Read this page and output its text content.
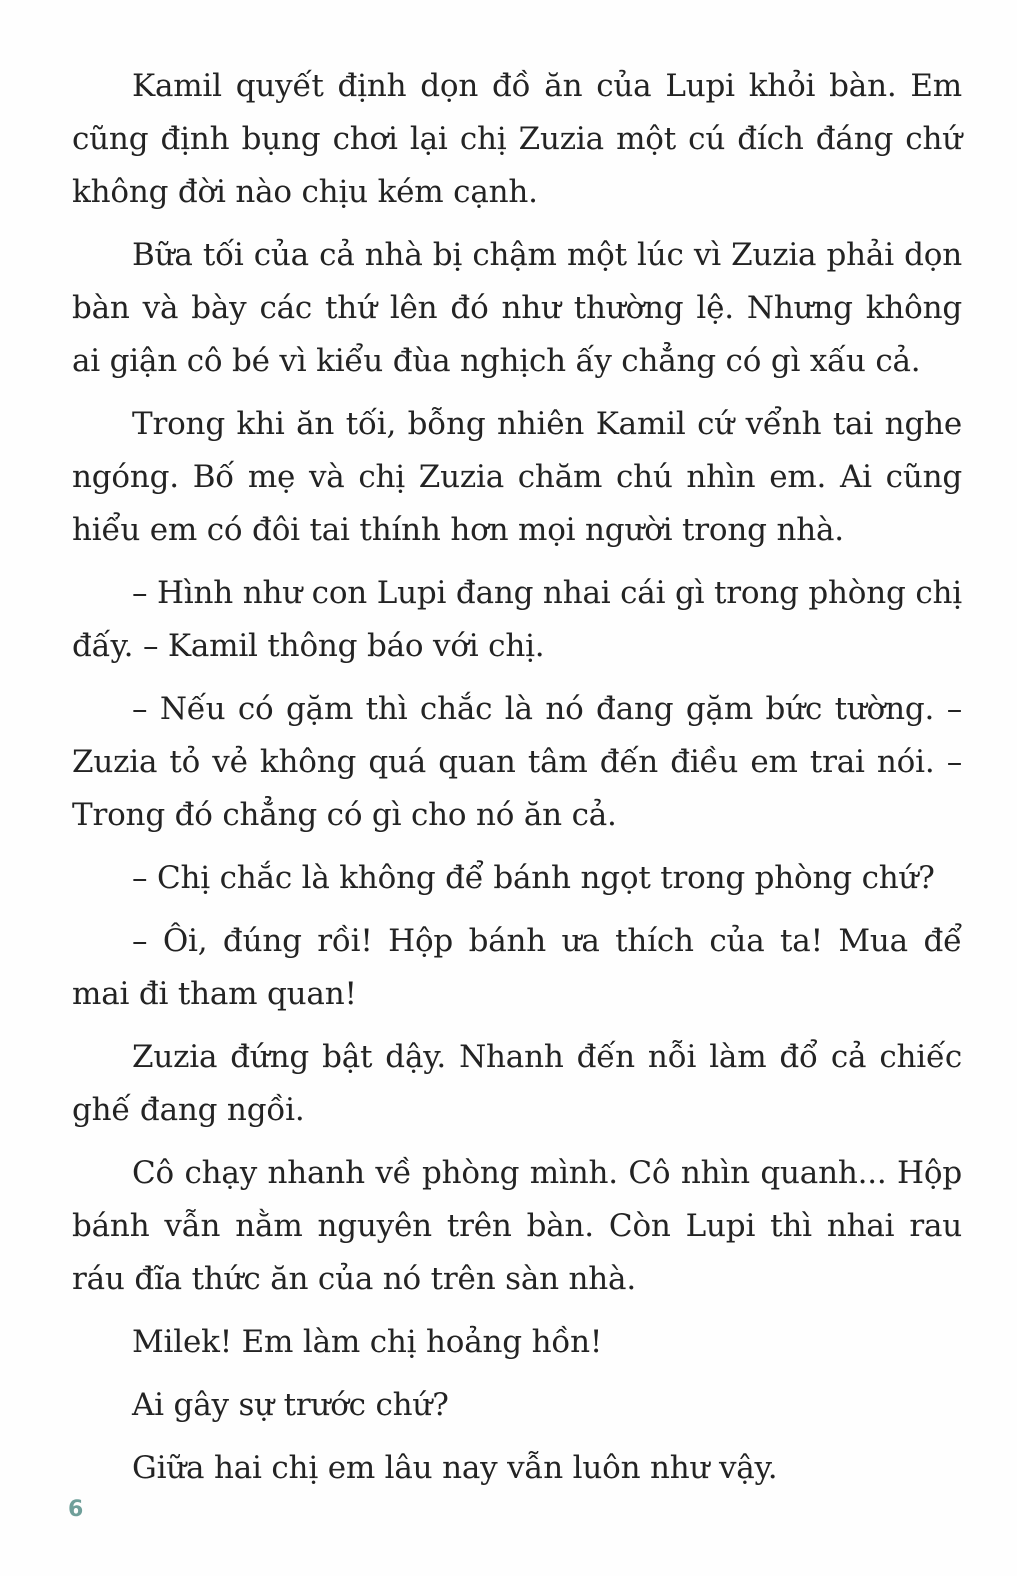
Kamil quyết định dọn đồ ăn của Lupi khỏi bàn. Em cũng định bụng chơi lại chị Zuzia một cú đích đáng chứ không đời nào chịu kém cạnh.

Bữa tối của cả nhà bị chậm một lúc vì Zuzia phải dọn bàn và bày các thứ lên đó như thường lệ. Nhưng không ai giận cô bé vì kiểu đùa nghịch ấy chẳng có gì xấu cả.

Trong khi ăn tối, bỗng nhiên Kamil cứ vểnh tai nghe ngóng. Bố mẹ và chị Zuzia chăm chú nhìn em. Ai cũng hiểu em có đôi tai thính hơn mọi người trong nhà.

– Hình như con Lupi đang nhai cái gì trong phòng chị đấy. – Kamil thông báo với chị.

– Nếu có gặm thì chắc là nó đang gặm bức tường. – Zuzia tỏ vẻ không quá quan tâm đến điều em trai nói. – Trong đó chẳng có gì cho nó ăn cả.

– Chị chắc là không để bánh ngọt trong phòng chứ?

– Ôi, đúng rồi! Hộp bánh ưa thích của ta! Mua để mai đi tham quan!

Zuzia đứng bật dậy. Nhanh đến nỗi làm đổ cả chiếc ghế đang ngồi.

Cô chạy nhanh về phòng mình. Cô nhìn quanh... Hộp bánh vẫn nằm nguyên trên bàn. Còn Lupi thì nhai rau ráu đĩa thức ăn của nó trên sàn nhà.

Milek! Em làm chị hoảng hồn!

Ai gây sự trước chứ?

Giữa hai chị em lâu nay vẫn luôn như vậy.

6
